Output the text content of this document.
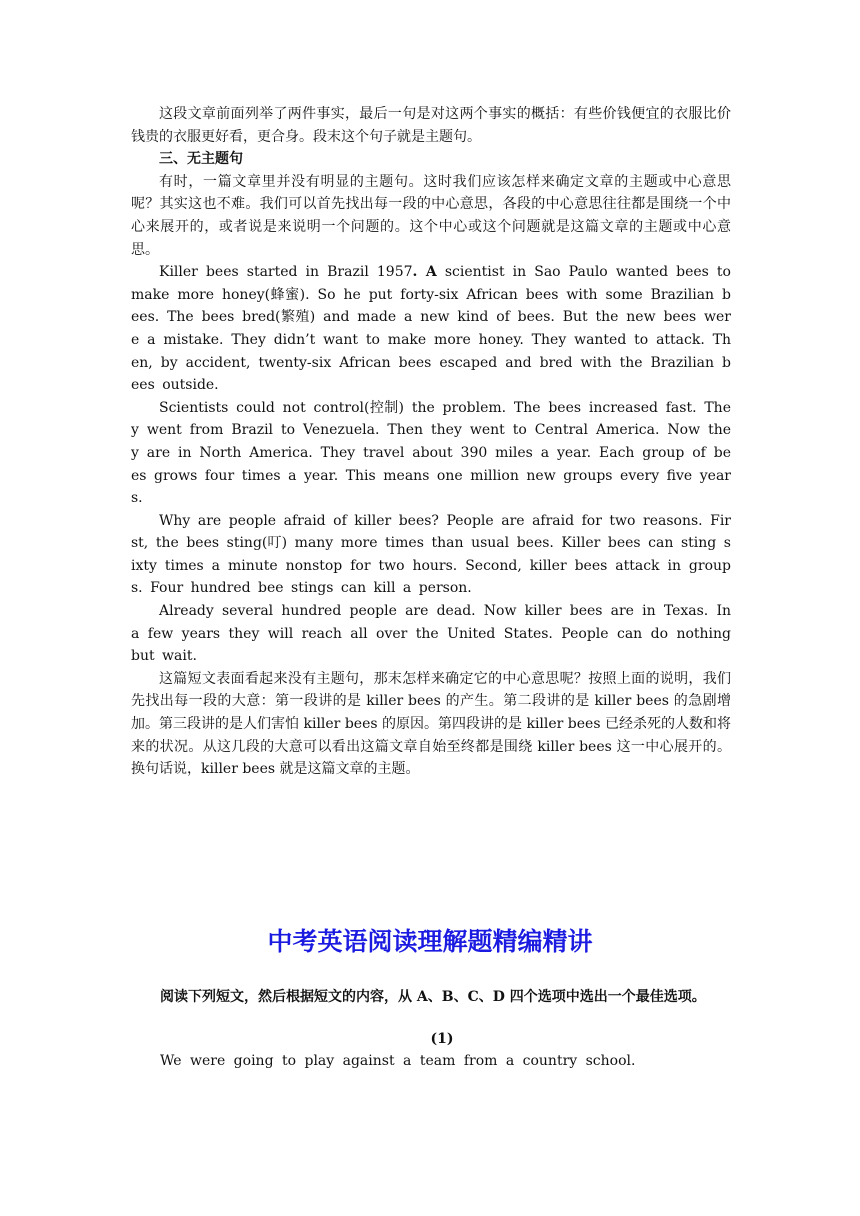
这段文章前面列举了两件事实，最后一句是对这两个事实的概括：有些价钱便宜的衣服比价钱贵的衣服更好看，更合身。段末这个句子就是主题句。

三、无主题句

有时，一篇文章里并没有明显的主题句。这时我们应该怎样来确定文章的主题或中心意思呢？其实这也不难。我们可以首先找出每一段的中心意思，各段的中心意思往往都是围绕一个中心来展开的，或者说是来说明一个问题的。这个中心或这个问题就是这篇文章的主题或中心意思。

Killer bees started in Brazil 1957. A scientist in Sao Paulo wanted bees to make more honey(蜂蜜). So he put forty-six African bees with some Brazilian bees. The bees bred(繁殖) and made a new kind of bees. But the new bees were a mistake. They didn’t want to make more honey. They wanted to attack. Then, by accident, twenty-six African bees escaped and bred with the Brazilian bees outside.

Scientists could not control(控制) the problem. The bees increased fast. They went from Brazil to Venezuela. Then they went to Central America. Now they are in North America. They travel about 390 miles a year. Each group of bees grows four times a year. This means one million new groups every five years.

Why are people afraid of killer bees? People are afraid for two reasons. First, the bees sting(叮) many more times than usual bees. Killer bees can sting sixty times a minute nonstop for two hours. Second, killer bees attack in groups. Four hundred bee stings can kill a person.

Already several hundred people are dead. Now killer bees are in Texas. In a few years they will reach all over the United States. People can do nothing but wait.

这篇短文表面看起来没有主题句，那末怎样来确定它的中心意思呢？按照上面的说明，我们先找出每一段的大意：第一段讲的是 killer bees 的产生。第二段讲的是 killer bees 的急剧增加。第三段讲的是人们害怕 killer bees 的原因。第四段讲的是 killer bees 已经杀死的人数和将来的状况。从这几段的大意可以看出这篇文章自始至终都是围绕 killer bees 这一中心展开的。换句话说，killer bees 就是这篇文章的主题。

中考英语阅读理解题精编精讲
阅读下列短文，然后根据短文的内容，从 A、B、C、D 四个选项中选出一个最佳选项。
(1)
We were going to play against a team from a country school.
